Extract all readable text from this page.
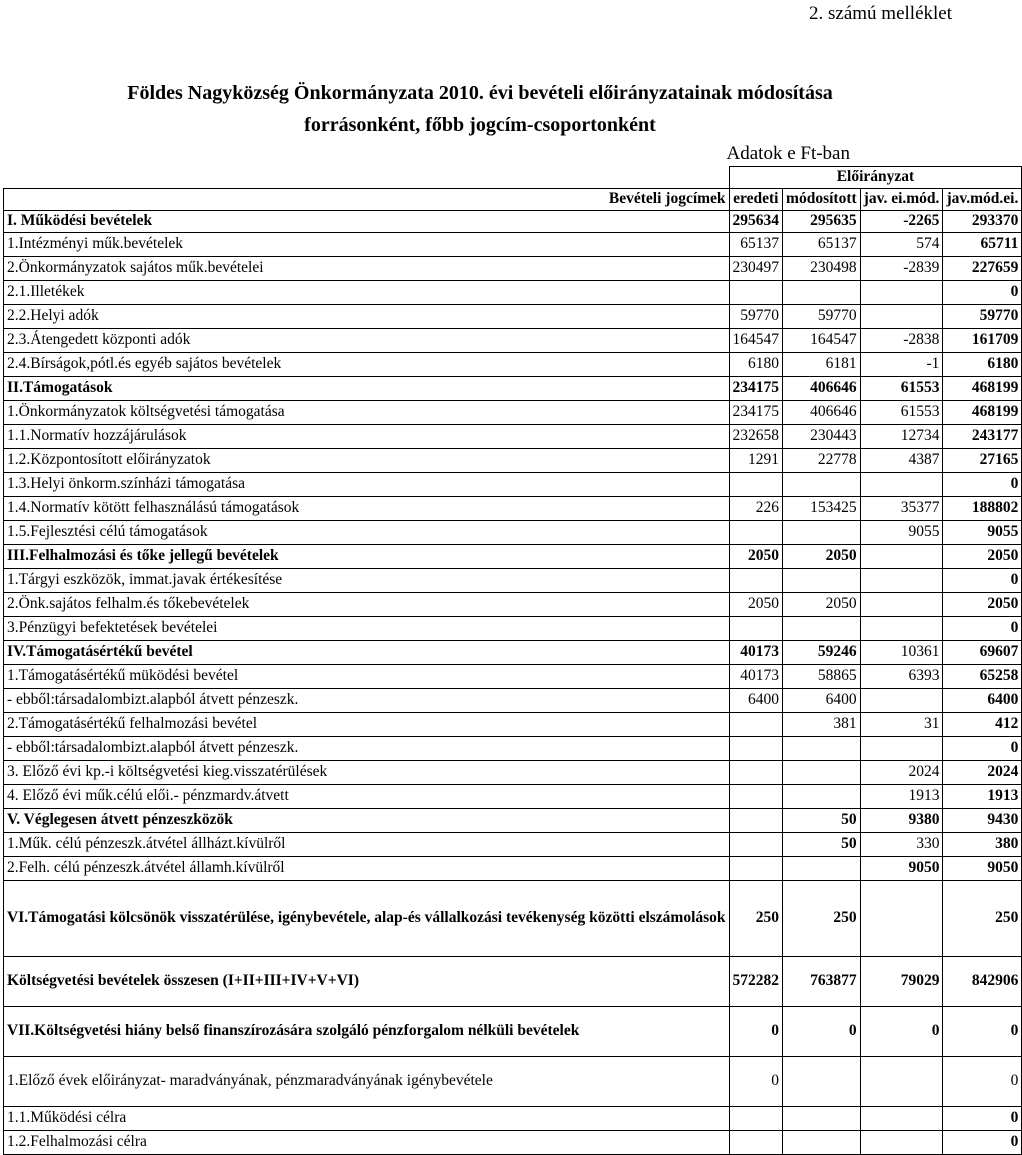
2. számú melléklet
Földes Nagyközség Önkormányzata 2010. évi bevételi előirányzatainak módosítása
forrásonként, főbb jogcím-csoportonként
Adatok e Ft-ban
	Előirányzat			
Bevételi jogcímek	eredeti	módosított	jav. ei.mód.	jav.mód.ei.
I. Működési bevételek	295634	295635	-2265	293370
1.Intézményi műk.bevételek	65137	65137	574	65711
2.Önkormányzatok sajátos műk.bevételei	230497	230498	-2839	227659
2.1.Illetékek				0
2.2.Helyi adók	59770	59770		59770
2.3.Átengedett központi adók	164547	164547	-2838	161709
2.4.Bírságok,pótl.és egyéb sajátos bevételek	6180	6181	-1	6180
II.Támogatások	234175	406646	61553	468199
1.Önkormányzatok költségvetési támogatása	234175	406646	61553	468199
1.1.Normatív hozzájárulások	232658	230443	12734	243177
1.2.Központosított előirányzatok	1291	22778	4387	27165
1.3.Helyi önkorm.színházi támogatása				0
1.4.Normatív kötött felhasználású támogatások	226	153425	35377	188802
1.5.Fejlesztési célú támogatások			9055	9055
III.Felhalmozási és tőke jellegű bevételek	2050	2050		2050
1.Tárgyi eszközök, immat.javak értékesítése				0
2.Önk.sajátos felhalm.és tőkebevételek	2050	2050		2050
3.Pénzügyi befektetések bevételei				0
IV.Támogatásértékű bevétel	40173	59246	10361	69607
1.Támogatásértékű müködési bevétel	40173	58865	6393	65258
- ebből:társadalombizt.alapból átvett pénzeszk.	6400	6400		6400
2.Támogatásértékű felhalmozási bevétel		381	31	412
- ebből:társadalombizt.alapból átvett pénzeszk.				0
3. Előző évi kp.-i költségvetési kieg.visszatérülések			2024	2024
4. Előző évi műk.célú elői.- pénzmardv.átvett			1913	1913
V. Véglegesen átvett pénzeszközök		50	9380	9430
1.Műk. célú pénzeszk.átvétel állházt.kívülről		50	330	380
2.Felh. célú pénzeszk.átvétel államh.kívülről			9050	9050
VI.Támogatási kölcsönök visszatérülése, igénybevétele, alap-és vállalkozási tevékenység közötti elszámolások	250	250		250
Költségvetési bevételek összesen (I+II+III+IV+V+VI)	572282	763877	79029	842906
VII.Költségvetési hiány belső finanszírozására szolgáló pénzforgalom nélküli bevételek	0	0	0	0
1.Előző évek előirányzat- maradványának, pénzmaradványának igénybevétele	0			0
1.1.Működési célra				0
1.2.Felhalmozási célra				0
